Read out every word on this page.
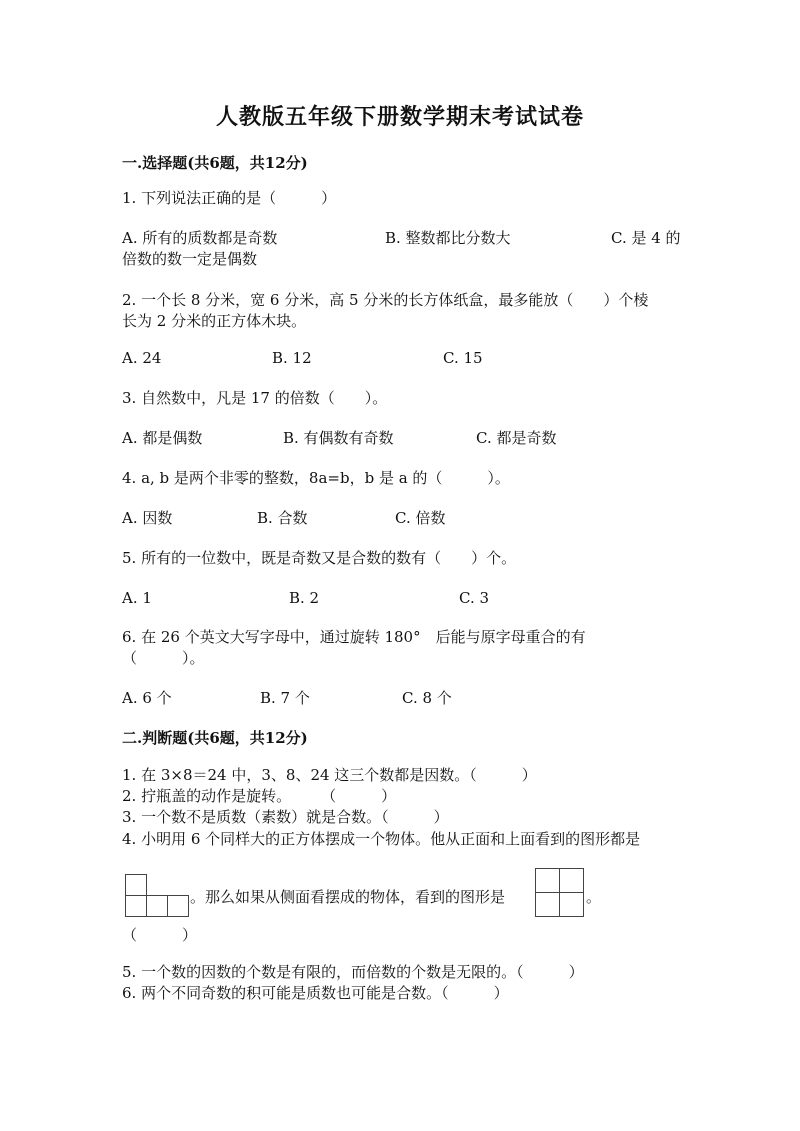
人教版五年级下册数学期末考试试卷
一.选择题(共6题，共12分)
1. 下列说法正确的是（　　　）
A. 所有的质数都是奇数	B. 整数都比分数大	C. 是 4 的
倍数的数一定是偶数
2. 一个长 8 分米，宽 6 分米，高 5 分米的长方体纸盒，最多能放（　　）个棱
长为 2 分米的正方体木块。
A. 24	B. 12	C. 15
3. 自然数中，凡是 17 的倍数（　　）。
A. 都是偶数	B. 有偶数有奇数	C. 都是奇数
4. a, b 是两个非零的整数，8a=b，b 是 a 的（　　　）。
A. 因数	B. 合数	C. 倍数
5. 所有的一位数中，既是奇数又是合数的数有（　　）个。
A. 1	B. 2	C. 3
6. 在 26 个英文大写字母中，通过旋转 180°　后能与原字母重合的有
（　　　）。
A. 6 个	B. 7 个	C. 8 个
二.判断题(共6题，共12分)
1. 在 3×8＝24 中，3、8、24 这三个数都是因数。（　　　）
2. 拧瓶盖的动作是旋转。　　　（　　　）
3. 一个数不是质数（素数）就是合数。（　　　）
4. 小明用 6 个同样大的正方体摆成一个物体。他从正面和上面看到的图形都是
。那么如果从侧面看摆成的物体，看到的图形是	。
（　　　）
5. 一个数的因数的个数是有限的，而倍数的个数是无限的。（　　　）
6. 两个不同奇数的积可能是质数也可能是合数。（　　　）
